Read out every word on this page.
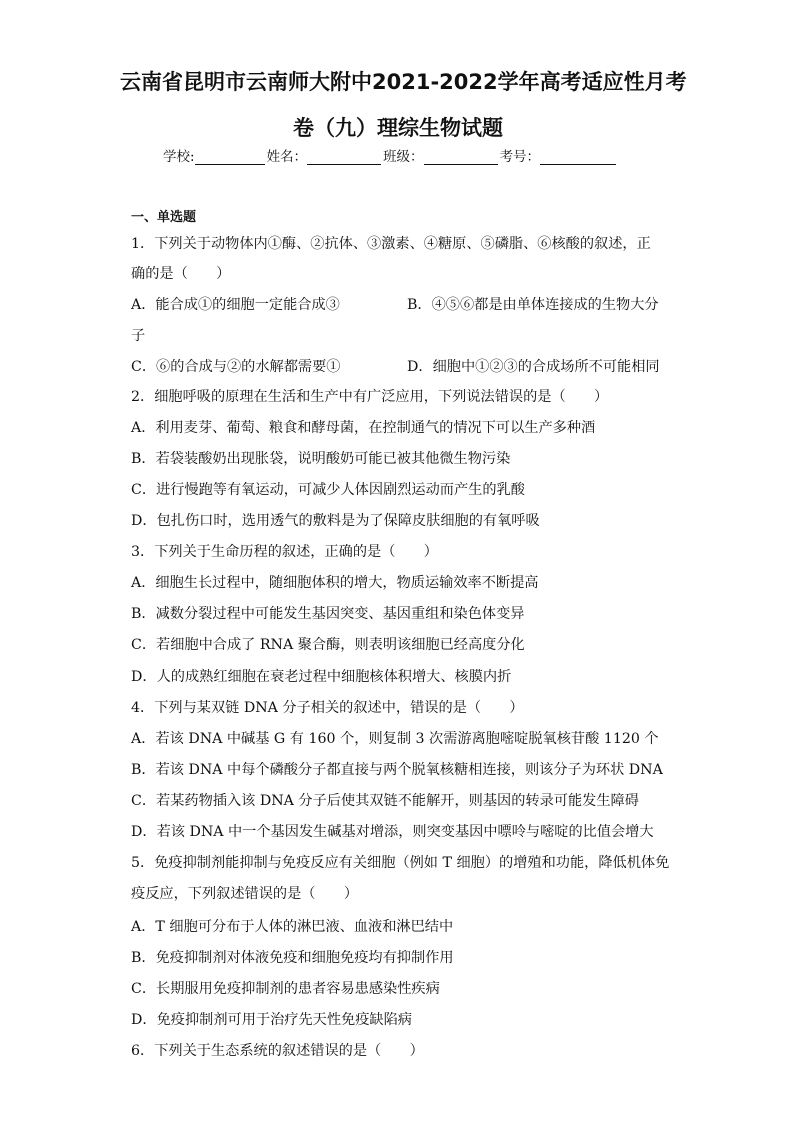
云南省昆明市云南师大附中2021-2022学年高考适应性月考
卷（九）理综生物试题
学校:	姓名：	班级：	考号：
一、单选题
1．下列关于动物体内①酶、②抗体、③激素、④糖原、⑤磷脂、⑥核酸的叙述，正
确的是（　　）
A．能合成①的细胞一定能合成③	B．④⑤⑥都是由单体连接成的生物大分
子
C．⑥的合成与②的水解都需要①	D．细胞中①②③的合成场所不可能相同
2．细胞呼吸的原理在生活和生产中有广泛应用，下列说法错误的是（　　）
A．利用麦芽、葡萄、粮食和酵母菌，在控制通气的情况下可以生产多种酒
B．若袋装酸奶出现胀袋，说明酸奶可能已被其他微生物污染
C．进行慢跑等有氧运动，可减少人体因剧烈运动而产生的乳酸
D．包扎伤口时，选用透气的敷料是为了保障皮肤细胞的有氧呼吸
3．下列关于生命历程的叙述，正确的是（　　）
A．细胞生长过程中，随细胞体积的增大，物质运输效率不断提高
B．减数分裂过程中可能发生基因突变、基因重组和染色体变异
C．若细胞中合成了 RNA 聚合酶，则表明该细胞已经高度分化
D．人的成熟红细胞在衰老过程中细胞核体积增大、核膜内折
4．下列与某双链 DNA 分子相关的叙述中，错误的是（　　）
A．若该 DNA 中碱基 G 有 160 个，则复制 3 次需游离胞嘧啶脱氧核苷酸 1120 个
B．若该 DNA 中每个磷酸分子都直接与两个脱氧核糖相连接，则该分子为环状 DNA
C．若某药物插入该 DNA 分子后使其双链不能解开，则基因的转录可能发生障碍
D．若该 DNA 中一个基因发生碱基对增添，则突变基因中嘌呤与嘧啶的比值会增大
5．免疫抑制剂能抑制与免疫反应有关细胞（例如 T 细胞）的增殖和功能，降低机体免
疫反应，下列叙述错误的是（　　）
A．T 细胞可分布于人体的淋巴液、血液和淋巴结中
B．免疫抑制剂对体液免疫和细胞免疫均有抑制作用
C．长期服用免疫抑制剂的患者容易患感染性疾病
D．免疫抑制剂可用于治疗先天性免疫缺陷病
6．下列关于生态系统的叙述错误的是（　　）
